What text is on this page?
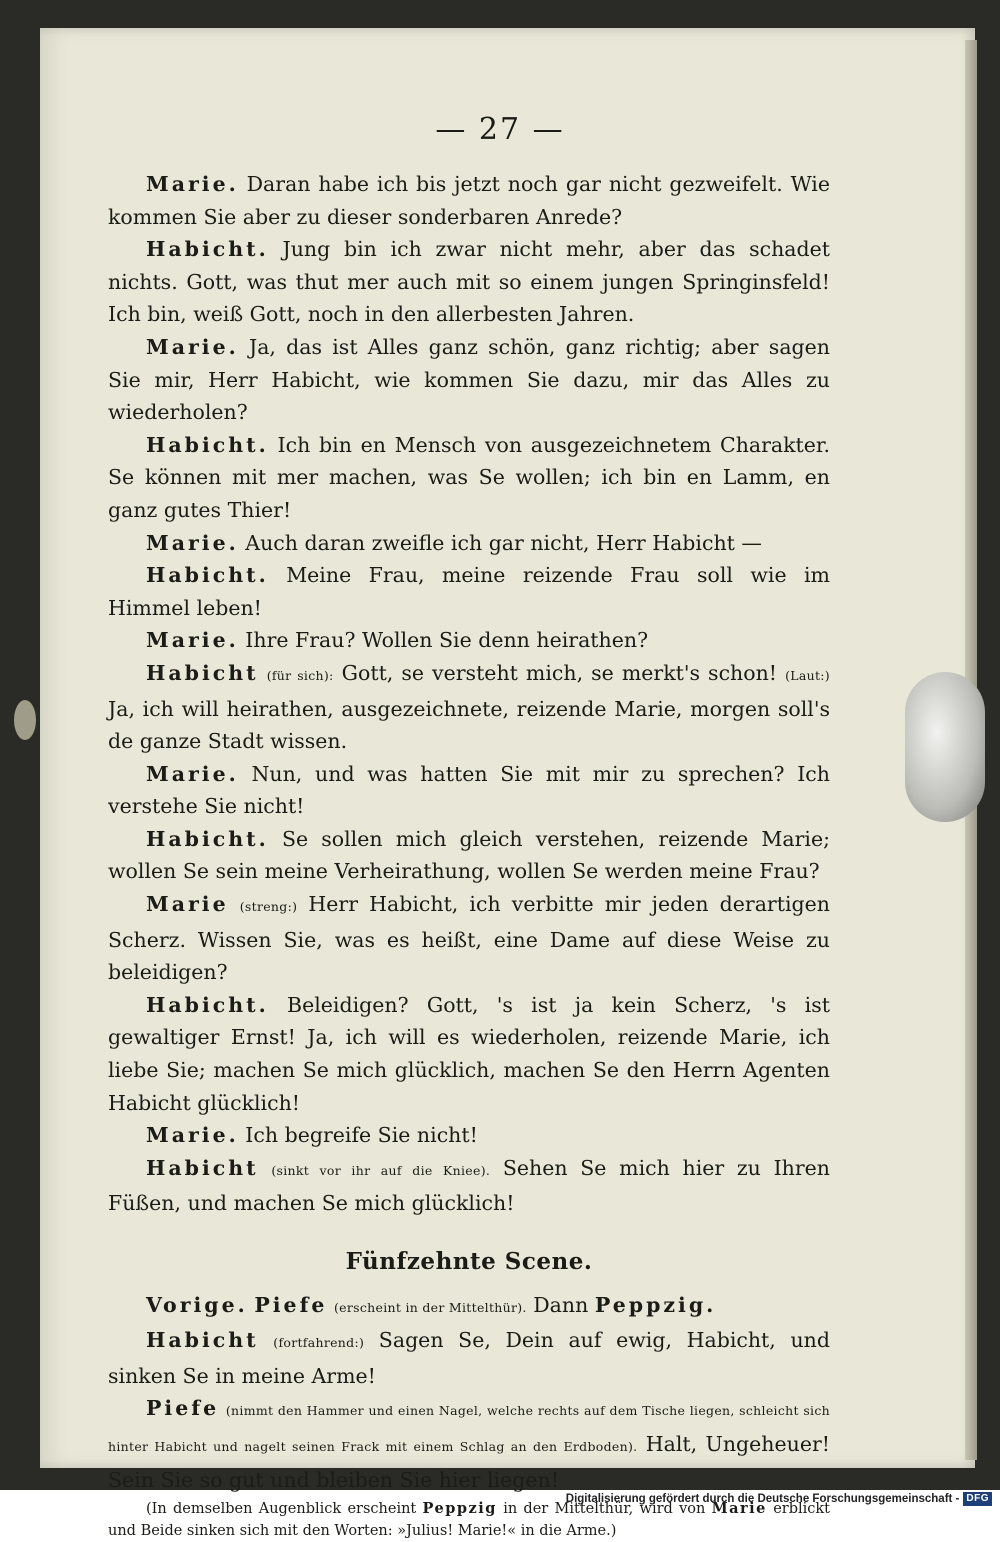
— 27 —

Marie. Daran habe ich bis jetzt noch gar nicht gezweifelt. Wie kommen Sie aber zu dieser sonderbaren Anrede?

Habicht. Jung bin ich zwar nicht mehr, aber das schadet nichts. Gott, was thut mer auch mit so einem jungen Springinsfeld! Ich bin, weiß Gott, noch in den allerbesten Jahren.

Marie. Ja, das ist Alles ganz schön, ganz richtig; aber sagen Sie mir, Herr Habicht, wie kommen Sie dazu, mir das Alles zu wiederholen?

Habicht. Ich bin en Mensch von ausgezeichnetem Charakter. Se können mit mer machen, was Se wollen; ich bin en Lamm, en ganz gutes Thier!

Marie. Auch daran zweifle ich gar nicht, Herr Habicht —

Habicht. Meine Frau, meine reizende Frau soll wie im Himmel leben!

Marie. Ihre Frau? Wollen Sie denn heirathen?

Habicht (für sich): Gott, se versteht mich, se merkt's schon! (Laut:) Ja, ich will heirathen, ausgezeichnete, reizende Marie, morgen soll's de ganze Stadt wissen.

Marie. Nun, und was hatten Sie mit mir zu sprechen? Ich verstehe Sie nicht!

Habicht. Se sollen mich gleich verstehen, reizende Marie; wollen Se sein meine Verheirathung, wollen Se werden meine Frau?

Marie (streng:) Herr Habicht, ich verbitte mir jeden derartigen Scherz. Wissen Sie, was es heißt, eine Dame auf diese Weise zu beleidigen?

Habicht. Beleidigen? Gott, 's ist ja kein Scherz, 's ist gewaltiger Ernst! Ja, ich will es wiederholen, reizende Marie, ich liebe Sie; machen Se mich glücklich, machen Se den Herrn Agenten Habicht glücklich!

Marie. Ich begreife Sie nicht!

Habicht (sinkt vor ihr auf die Kniee). Sehen Se mich hier zu Ihren Füßen, und machen Se mich glücklich!

Fünfzehnte Scene.

Vorige. Piefe (erscheint in der Mittelthür). Dann Peppzig.

Habicht (fortfahrend:) Sagen Se, Dein auf ewig, Habicht, und sinken Se in meine Arme!

Piefe (nimmt den Hammer und einen Nagel, welche rechts auf dem Tische liegen, schleicht sich hinter Habicht und nagelt seinen Frack mit einem Schlag an den Erdboden). Halt, Ungeheuer! Sein Sie so gut und bleiben Sie hier liegen!

(In demselben Augenblick erscheint Peppzig in der Mittelthür, wird von Marie erblickt und Beide sinken sich mit den Worten: »Julius! Marie!« in die Arme.)

Digitalisierung gefördert durch die Deutsche Forschungsgemeinschaft - DFG
